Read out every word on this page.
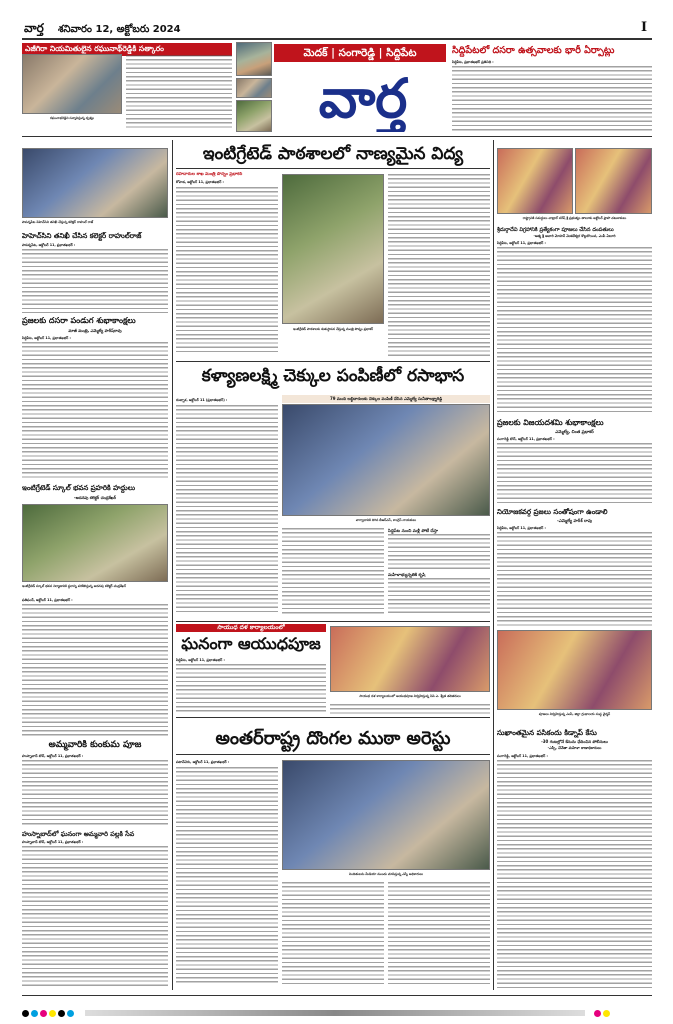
వార్త శనివారం 12, అక్టోబరు 2024	I
ఎజీగిరా నియమితులైన రఘునాథ్‌రెడ్డికి సత్కారం
రఘునాథరెడ్డిని సన్మానిస్తున్న దృశ్యం
మెదక్ | సంగారెడ్డి | సిద్దిపేట
వార్త
సిద్దిపేటలో దసరా ఉత్సవాలకు భారీ ఏర్పాట్లు
సిద్దిపేట, ప్రభాతఖభర్ ప్రతినిధి :
పాపన్నపేట పిహెచ్‌సిని తనిఖీ చేస్తున్న కలెక్టర్ రాహుల్ రాజ్
హెహెచ్‌సిని తనిఖీ చేసిన కలెక్టర్ రాహుల్‌రాజ్
పాపన్నపేట, అక్టోబర్ 11, ప్రభాతఖభర్ :
ప్రజలకు దసరా పండుగ శుభాకాంక్షలు
మాజీ మంత్రి, ఎమ్మెల్యే హరీష్‌రావు
సిద్దిపేట, అక్టోబర్ 11, ప్రభాతఖభర్ :
ఇంటిగ్రేటెడ్ స్కూల్ భవన ప్రహరికి హద్దులు
-అదనపు కలెక్టర్ చంద్రశేఖర్
ఇంటిగ్రేటెడ్ స్కూల్ భవన నిర్మాణానికి స్థలాన్ని పరిశీలిస్తున్న అదనపు కలెక్టర్ చంద్రశేఖర్
ఫతిఫంద్, అక్టోబర్ 11, ప్రభాతఖభర్ :
అమ్మవారికి కుంకుమ పూజ
హుస్నాబాద్ టౌన్, అక్టోబర్ 11, ప్రభాతఖభర్ :
హుస్నాబాద్‌లో ఘనంగా అమ్మవారి పల్లకి సేవ
హుస్నాబాద్ టౌన్, అక్టోబర్ 11, ప్రభాతఖభర్ :
ఇంటిగ్రేటెడ్ పాఠశాలలో నాణ్యమైన విద్య
రహదారుల శాఖ మంత్రి పొన్నం ప్రభాకర్
కోహెడ, అక్టోబర్ 11, ప్రభాతఖభర్ :
ఇంటిగ్రేటెడ్ పాఠశాలకు శంకుస్థాపన చేస్తున్న మంత్రి పొన్నం ప్రభాకర్
రాష్ట్రానికి సమర్ధులు చాట్రాల్ నరేష్ శ్రీ ప్రభుత్వం తాలూకు అక్టోబర్ ఫ్రాహా చటుకాకులు
శ్రీదుర్గాదేవి విగ్రహానికి ప్రత్యేకంగా పూజలు చేసిన దంపతులు
-ఆత్మ శ్రీ ఆచారి మోహన్ వెంకటేశ్వర కొల్లబొయిన, ఎంపీ ఏలూరి
సిద్దిపేట, అక్టోబర్ 11, ప్రభాతఖభర్ :
ప్రజలకు విజయదశమి శుభాకాంక్షలు
ఎమ్మెల్యే, చింత ప్రభాకర్
సంగారెడ్డి టౌన్, అక్టోబర్ 11, ప్రభాతఖభర్ :
నియోజకవర్గ ప్రజలు సంతోషంగా ఉండాలి
-ఎమ్మెల్యే హరీశ్ రావు
సిద్దిపేట, అక్టోబర్ 11, ప్రభాతఖభర్ :
పూజలు నిర్వహిస్తున్న ఎంపీ, జిల్లా గ్రంథాలయ సంస్థ చైర్మన్
సుఖాంతమైన పసికందు కిడ్నాప్ కేసు
-30 గంటల్లోనే కేసును ఛేదించిన పోలీసులు
-ఎస్పీ, చేనేతా మహిళా ఠాణాధికారులు
సంగారెడ్డి, అక్టోబర్ 11, ప్రభాతఖభర్ :
కళ్యాణలక్ష్మి చెక్కుల పంపిణీలో రసాభాస
దుబ్బాక, అక్టోబర్ 11 (ప్రభాతఖభర్) :	79 మంది లబ్ధిదారులకు చెక్కుల పంపిణీ చేసిన ఎమ్మెల్యే సునీతాలక్ష్మారెడ్డి
వాగ్వాదానికి దిగిన బీఆర్‌ఎస్, కాంగ్రెస్ నాయకులు
సిద్దిపేట నుంచి మళ్లీ పోటీ చేస్తా
మహిళాభ్యున్నతికి కృషి
సాయుధ దళ కార్యాలయంలో
ఘనంగా ఆయుధపూజ
సిద్దిపేట, అక్టోబర్ 11, ప్రభాతఖభర్ :
సాయుధ దళ కార్యాలయంలో ఆయుధపూజ నిర్వహిస్తున్న సిపి ఎ. శ్వేత తదితరులు
అంతర్‌రాష్ట్ర దొంగల ముఠా అరెస్టు
పటాన్‌చెరు, అక్టోబర్ 11, ప్రభాతఖభర్ :
నిందితులను మీడియా ముందు చూపిస్తున్న ఎస్పీ అధికారులు
